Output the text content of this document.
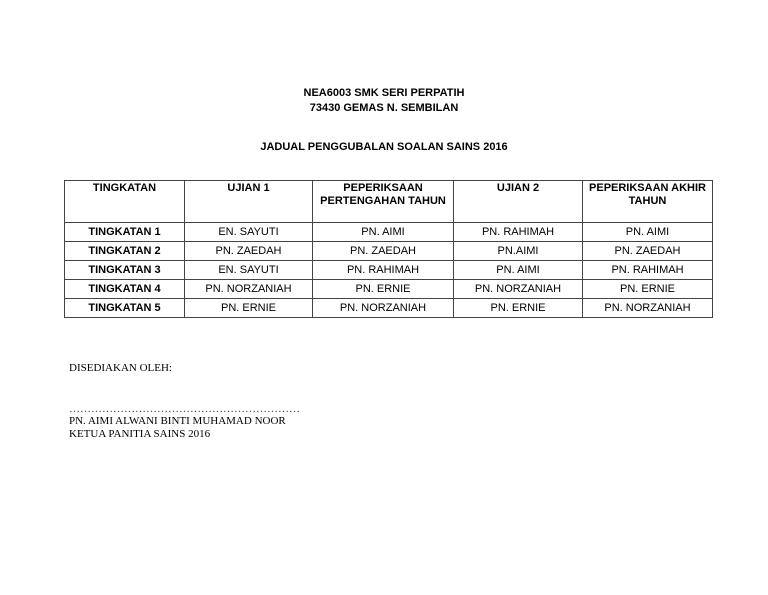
NEA6003 SMK SERI PERPATIH
73430 GEMAS N. SEMBILAN
JADUAL PENGGUBALAN SOALAN SAINS 2016
TINGKATAN	UJIAN 1	PEPERIKSAAN PERTENGAHAN TAHUN	UJIAN 2	PEPERIKSAAN AKHIR TAHUN
TINGKATAN 1	EN. SAYUTI	PN. AIMI	PN. RAHIMAH	PN. AIMI
TINGKATAN 2	PN. ZAEDAH	PN. ZAEDAH	PN.AIMI	PN. ZAEDAH
TINGKATAN 3	EN. SAYUTI	PN. RAHIMAH	PN. AIMI	PN. RAHIMAH
TINGKATAN 4	PN. NORZANIAH	PN. ERNIE	PN. NORZANIAH	PN. ERNIE
TINGKATAN 5	PN. ERNIE	PN. NORZANIAH	PN. ERNIE	PN. NORZANIAH
DISEDIAKAN OLEH:
………………………………………………………
PN. AIMI ALWANI BINTI MUHAMAD NOOR
KETUA PANITIA SAINS 2016
